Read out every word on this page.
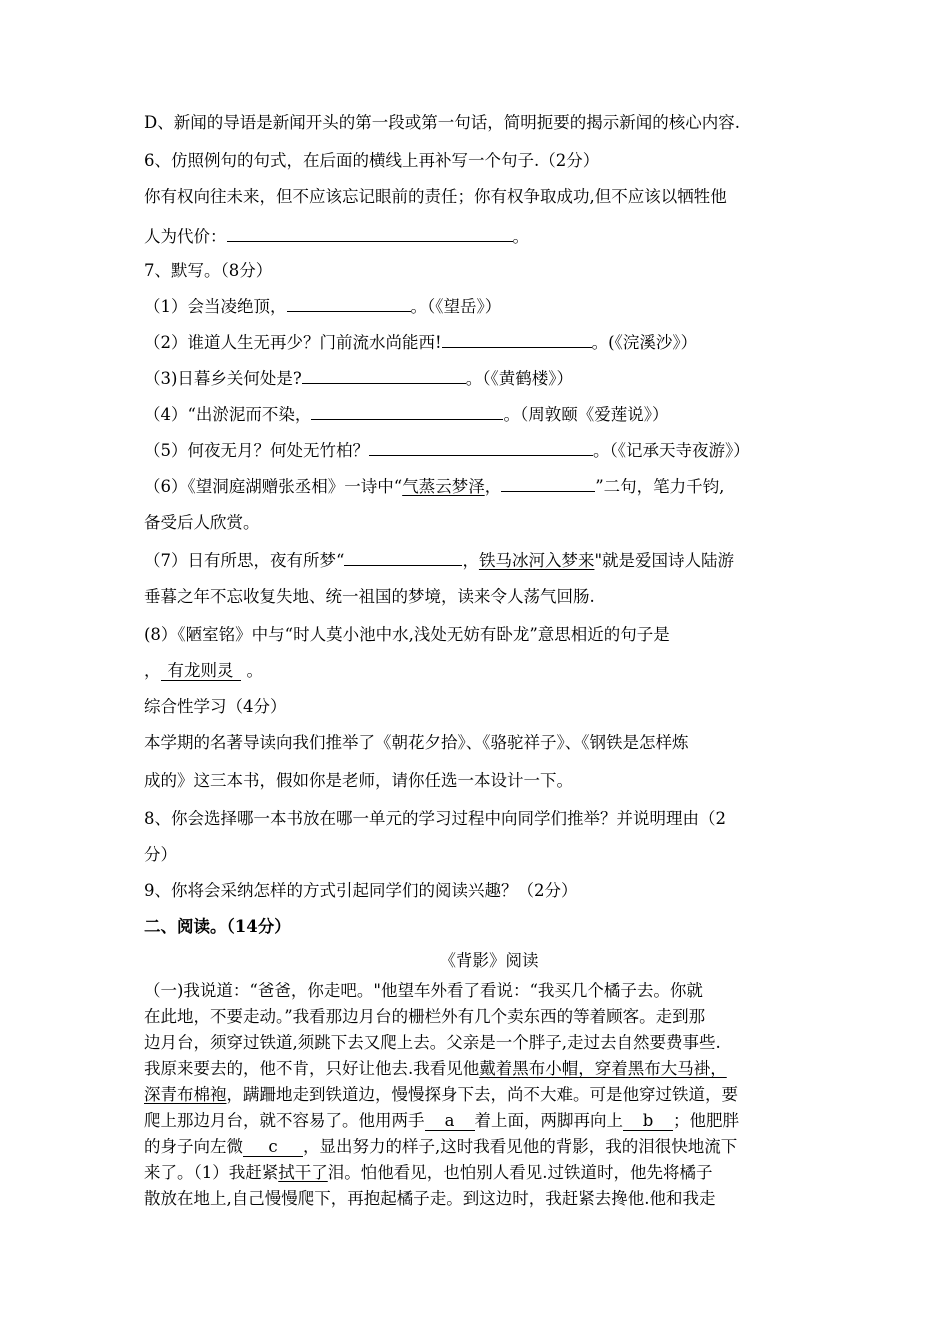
D、新闻的导语是新闻开头的第一段或第一句话，简明扼要的揭示新闻的核心内容.
6、仿照例句的句式，在后面的横线上再补写一个句子.（2分）
你有权向往未来，但不应该忘记眼前的责任；你有权争取成功,但不应该以牺牲他
人为代价：	。
7、默写。（8分）
（1）会当凌绝顶，	。（《望岳》）
（2）谁道人生无再少？门前流水尚能西!	。(《浣溪沙》）
（3)日暮乡关何处是?	。（《黄鹤楼》）
（4）“出淤泥而不染，	。（周敦颐《爱莲说》）
（5）何夜无月？何处无竹柏？	。（《记承天寺夜游》）
（6）《望洞庭湖赠张丞相》一诗中“气蒸云梦泽，	”二句，笔力千钧,
备受后人欣赏。
（7）日有所思，夜有所梦“	，铁马冰河入梦来"就是爱国诗人陆游
垂暮之年不忘收复失地、统一祖国的梦境，读来令人荡气回肠.
(8）《陋室铭》中与“时人莫小池中水,浅处无妨有卧龙”意思相近的句子是
， 有龙则灵 。
综合性学习（4分）
本学期的名著导读向我们推举了《朝花夕拾》、《骆驼祥子》、《钢铁是怎样炼
成的》这三本书，假如你是老师，请你任选一本设计一下。
8、你会选择哪一本书放在哪一单元的学习过程中向同学们推举？并说明理由（2
分）
9、你将会采纳怎样的方式引起同学们的阅读兴趣？（2分）
二、阅读。（14分）
《背影》阅读
（一)我说道：“爸爸，你走吧。"他望车外看了看说：“我买几个橘子去。你就
在此地，不要走动。”我看那边月台的栅栏外有几个卖东西的等着顾客。走到那
边月台，须穿过铁道,须跳下去又爬上去。父亲是一个胖子,走过去自然要费事些.
我原来要去的，他不肯，只好让他去.我看见他戴着黑布小帽，穿着黑布大马褂，
深青布棉袍，蹒跚地走到铁道边，慢慢探身下去，尚不大难。可是他穿过铁道，要
爬上那边月台，就不容易了。他用两手 a 着上面，两脚再向上 b ；他肥胖
的身子向左微 c ，显出努力的样子,这时我看见他的背影，我的泪很快地流下
来了。（1）我赶紧拭干了泪。怕他看见，也怕别人看见.过铁道时，他先将橘子
散放在地上,自己慢慢爬下，再抱起橘子走。到这边时，我赶紧去搀他.他和我走
